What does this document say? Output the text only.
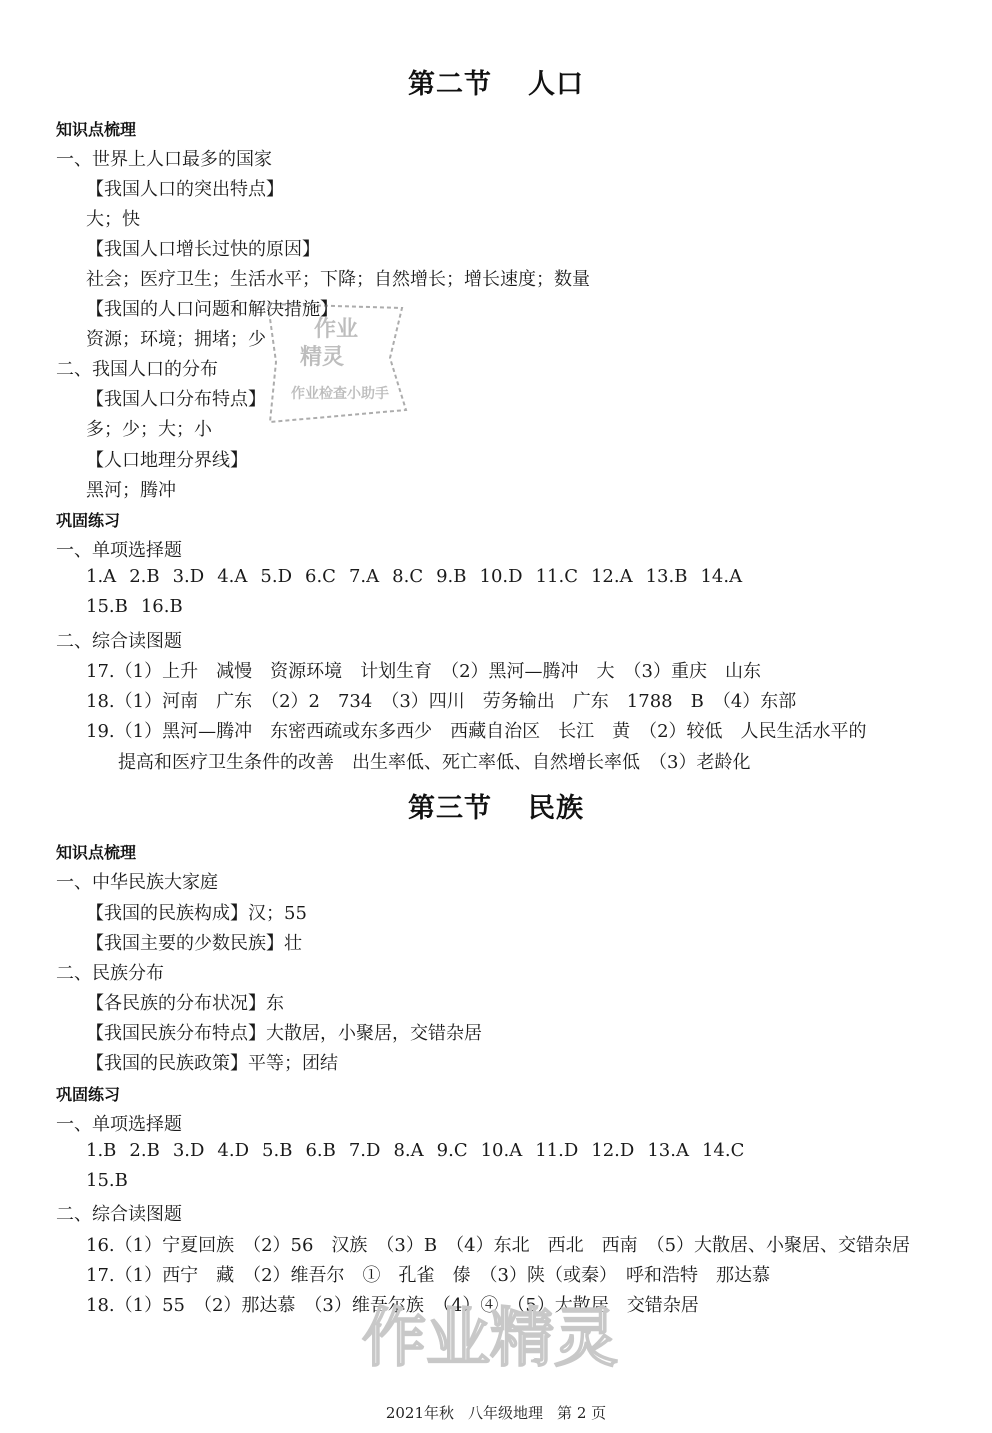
第二节 人口
知识点梳理
一、世界上人口最多的国家
【我国人口的突出特点】
大；快
【我国人口增长过快的原因】
社会；医疗卫生；生活水平；下降；自然增长；增长速度；数量
【我国的人口问题和解决措施】
资源；环境；拥堵；少
二、我国人口的分布
【我国人口分布特点】
多；少；大；小
【人口地理分界线】
黑河；腾冲
巩固练习
一、单项选择题
1.A 2.B 3.D 4.A 5.D 6.C 7.A 8.C 9.B 10.D 11.C 12.A 13.B 14.A
15.B 16.B
二、综合读图题
17.（1）上升　减慢　资源环境　计划生育　（2）黑河—腾冲　大　（3）重庆　山东
18.（1）河南　广东　（2）2　734　（3）四川　劳务输出　广东　1788　B　（4）东部
19.（1）黑河—腾冲　东密西疏或东多西少　西藏自治区　长江　黄　（2）较低　人民生活水平的
提高和医疗卫生条件的改善　出生率低、死亡率低、自然增长率低　（3）老龄化
第三节 民族
知识点梳理
一、中华民族大家庭
【我国的民族构成】汉；55
【我国主要的少数民族】壮
二、民族分布
【各民族的分布状况】东
【我国民族分布特点】大散居，小聚居，交错杂居
【我国的民族政策】平等；团结
巩固练习
一、单项选择题
1.B 2.B 3.D 4.D 5.B 6.B 7.D 8.A 9.C 10.A 11.D 12.D 13.A 14.C
15.B
二、综合读图题
16.（1）宁夏回族　（2）56　汉族　（3）B　（4）东北　西北　西南　（5）大散居、小聚居、交错杂居
17.（1）西宁　藏　（2）维吾尔　①　孔雀　傣　（3）陕（或秦）　呼和浩特　那达慕
18.（1）55　（2）那达慕　（3）维吾尔族　（4）④　（5）大散居　交错杂居
作业
精灵
作业检查小助手
作业精灵
2021年秋 八年级地理 第 2 页
